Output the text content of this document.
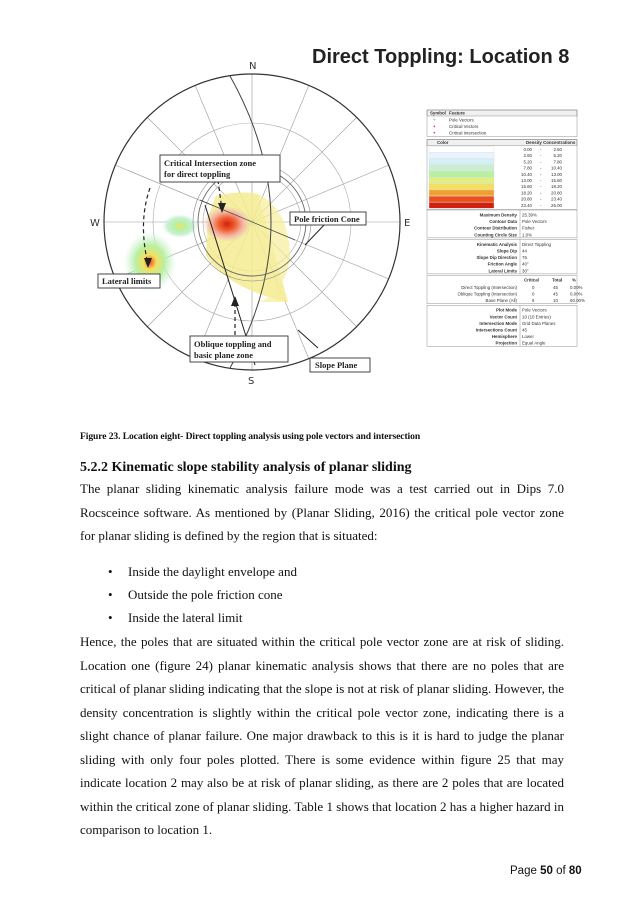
N
S
E
W
Critical Intersection zone
for direct toppling
Pole friction Cone
Lateral limits
Oblique toppling and
basic plane zone
Slope Plane
Symbol Feature
+	Pole Vectors
+	Critical Vectors
+	Critical Intersection
Color	Density Concentrations
0.00 -	2.60
2.60 -	5.20
5.20 -	7.80
7.80 - 10.40
10.40 - 13.00
13.00 - 15.60
15.60 - 18.20
18.20 - 20.80
20.80 - 23.40
23.40 - 26.00
Maximum Density 25.39%
Contour Data Pole Vectors
Contour Distribution Fisher
Counting Circle Size 1.0%
Kinematic Analysis Direct Toppling
Slope Dip 44
Slope Dip Direction 76
Friction Angle 40°
Lateral Limits 30°
Critical	Total %
Direct Toppling (Intersection)	0	45	0.00%
Oblique Toppling (Intersection)	0	45	0.00%
Base Plane (All)	6	10	60.00%
Plot Mode Pole Vectors
Vector Count 10 (10 Entries)
Intersection Mode Grid Data Planes
Intersections Count 45
Hemisphere Lower
Projection Equal Angle
Direct Toppling: Location 8
Figure 23. Location eight- Direct toppling analysis using pole vectors and intersection
5.2.2 Kinematic slope stability analysis of planar sliding
The planar sliding kinematic analysis failure mode was a test carried out in Dips 7.0 Rocsceince software. As mentioned by (Planar Sliding, 2016) the critical pole vector zone for planar sliding is defined by the region that is situated:
• Inside the daylight envelope and
• Outside the pole friction cone
• Inside the lateral limit
Hence, the poles that are situated within the critical pole vector zone are at risk of sliding. Location one (figure 24) planar kinematic analysis shows that there are no poles that are critical of planar sliding indicating that the slope is not at risk of planar sliding. However, the density concentration is slightly within the critical pole vector zone, indicating there is a slight chance of planar failure. One major drawback to this is it is hard to judge the planar sliding with only four poles plotted. There is some evidence within figure 25 that may indicate location 2 may also be at risk of planar sliding, as there are 2 poles that are located within the critical zone of planar sliding. Table 1 shows that location 2 has a higher hazard in comparison to location 1.
Page 50 of 80
